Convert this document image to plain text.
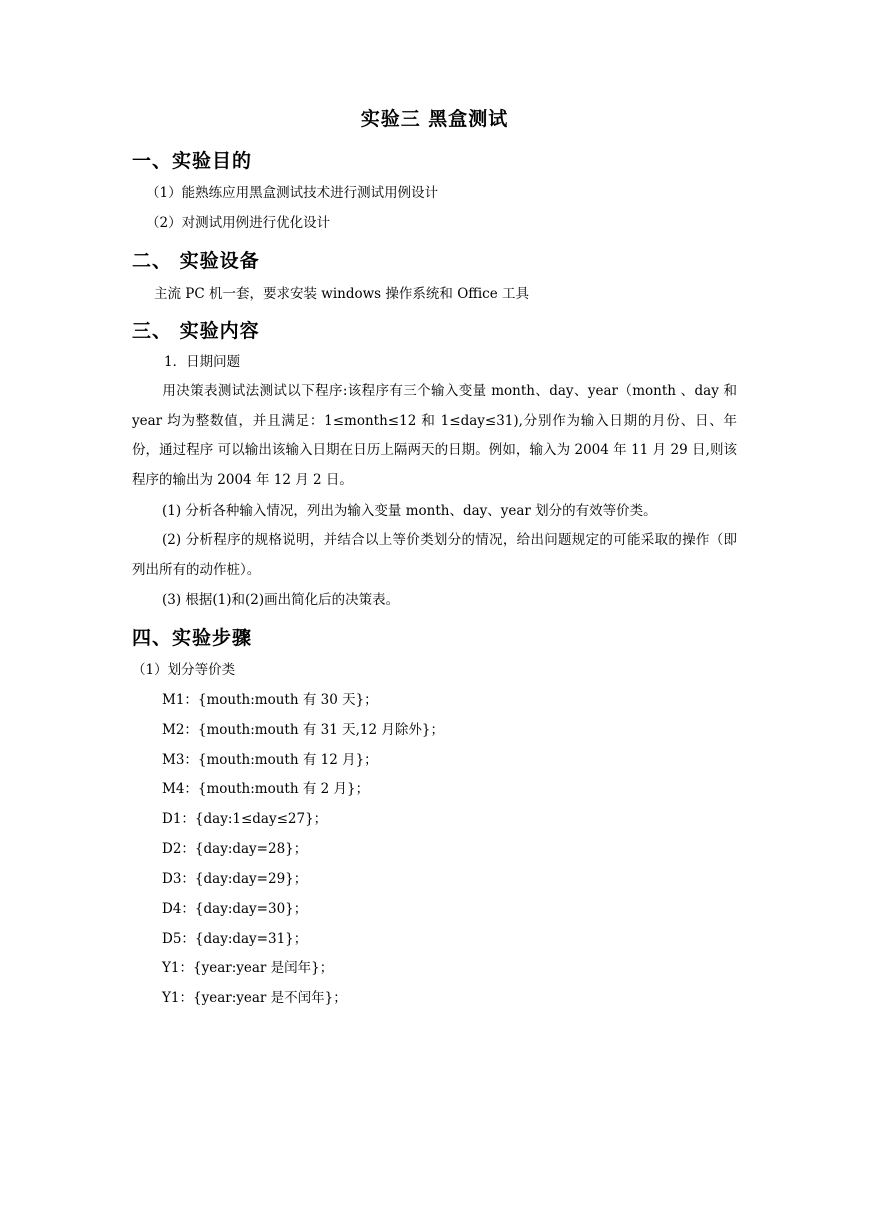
实验三 黑盒测试
一、实验目的
（1）能熟练应用黑盒测试技术进行测试用例设计
（2）对测试用例进行优化设计
二、 实验设备
主流 PC 机一套，要求安装 windows 操作系统和 Office 工具
三、 实验内容
1．日期问题
用决策表测试法测试以下程序:该程序有三个输入变量 month、day、year（month 、day 和 year 均为整数值，并且满足：1≤month≤12 和 1≤day≤31),分别作为输入日期的月份、日、年份，通过程序 可以输出该输入日期在日历上隔两天的日期。例如，输入为 2004 年 11 月 29 日,则该程序的输出为 2004 年 12 月 2 日。
(1) 分析各种输入情况，列出为输入变量 month、day、year 划分的有效等价类。
(2) 分析程序的规格说明，并结合以上等价类划分的情况，给出问题规定的可能采取的操作（即列出所有的动作桩）。
(3) 根据(1)和(2)画出简化后的决策表。
四、实验步骤
（1）划分等价类
M1：{mouth:mouth 有 30 天}；
M2：{mouth:mouth 有 31 天,12 月除外}；
M3：{mouth:mouth 有 12 月}；
M4：{mouth:mouth 有 2 月}；
D1：{day:1≤day≤27}；
D2：{day:day=28}；
D3：{day:day=29}；
D4：{day:day=30}；
D5：{day:day=31}；
Y1：{year:year 是闰年}；
Y1：{year:year 是不闰年}；
